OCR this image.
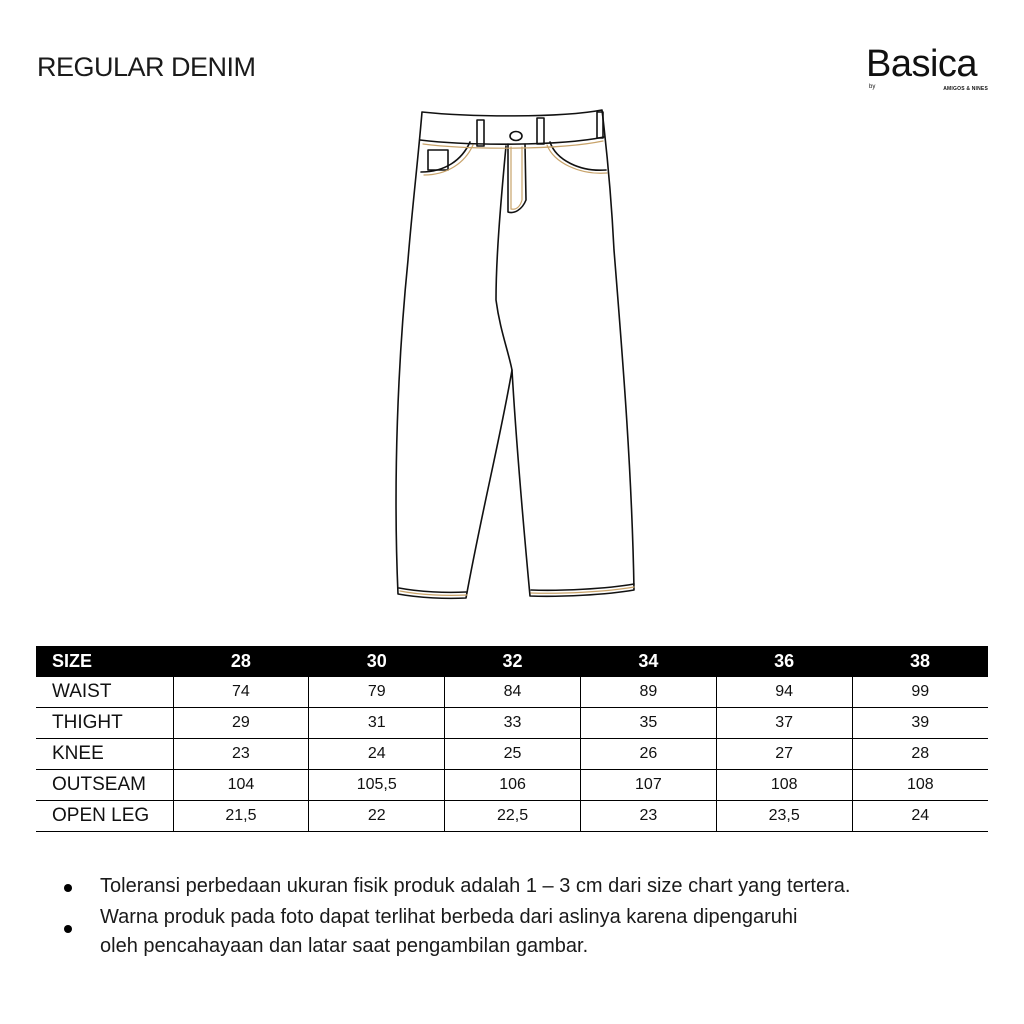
REGULAR DENIM	Basica
by	AMIGOS & NINES
SIZE	28	30	32	34	36	38
WAIST	74	79	84	89	94	99
THIGHT	29	31	33	35	37	39
KNEE	23	24	25	26	27	28
OUTSEAM	104	105,5	106	107	108	108
OPEN LEG	21,5	22	22,5	23	23,5	24
Toleransi perbedaan ukuran fisik produk adalah 1 – 3 cm dari size chart yang tertera.
Warna produk pada foto dapat terlihat berbeda dari aslinya karena dipengaruhi
oleh pencahayaan dan latar saat pengambilan gambar.
